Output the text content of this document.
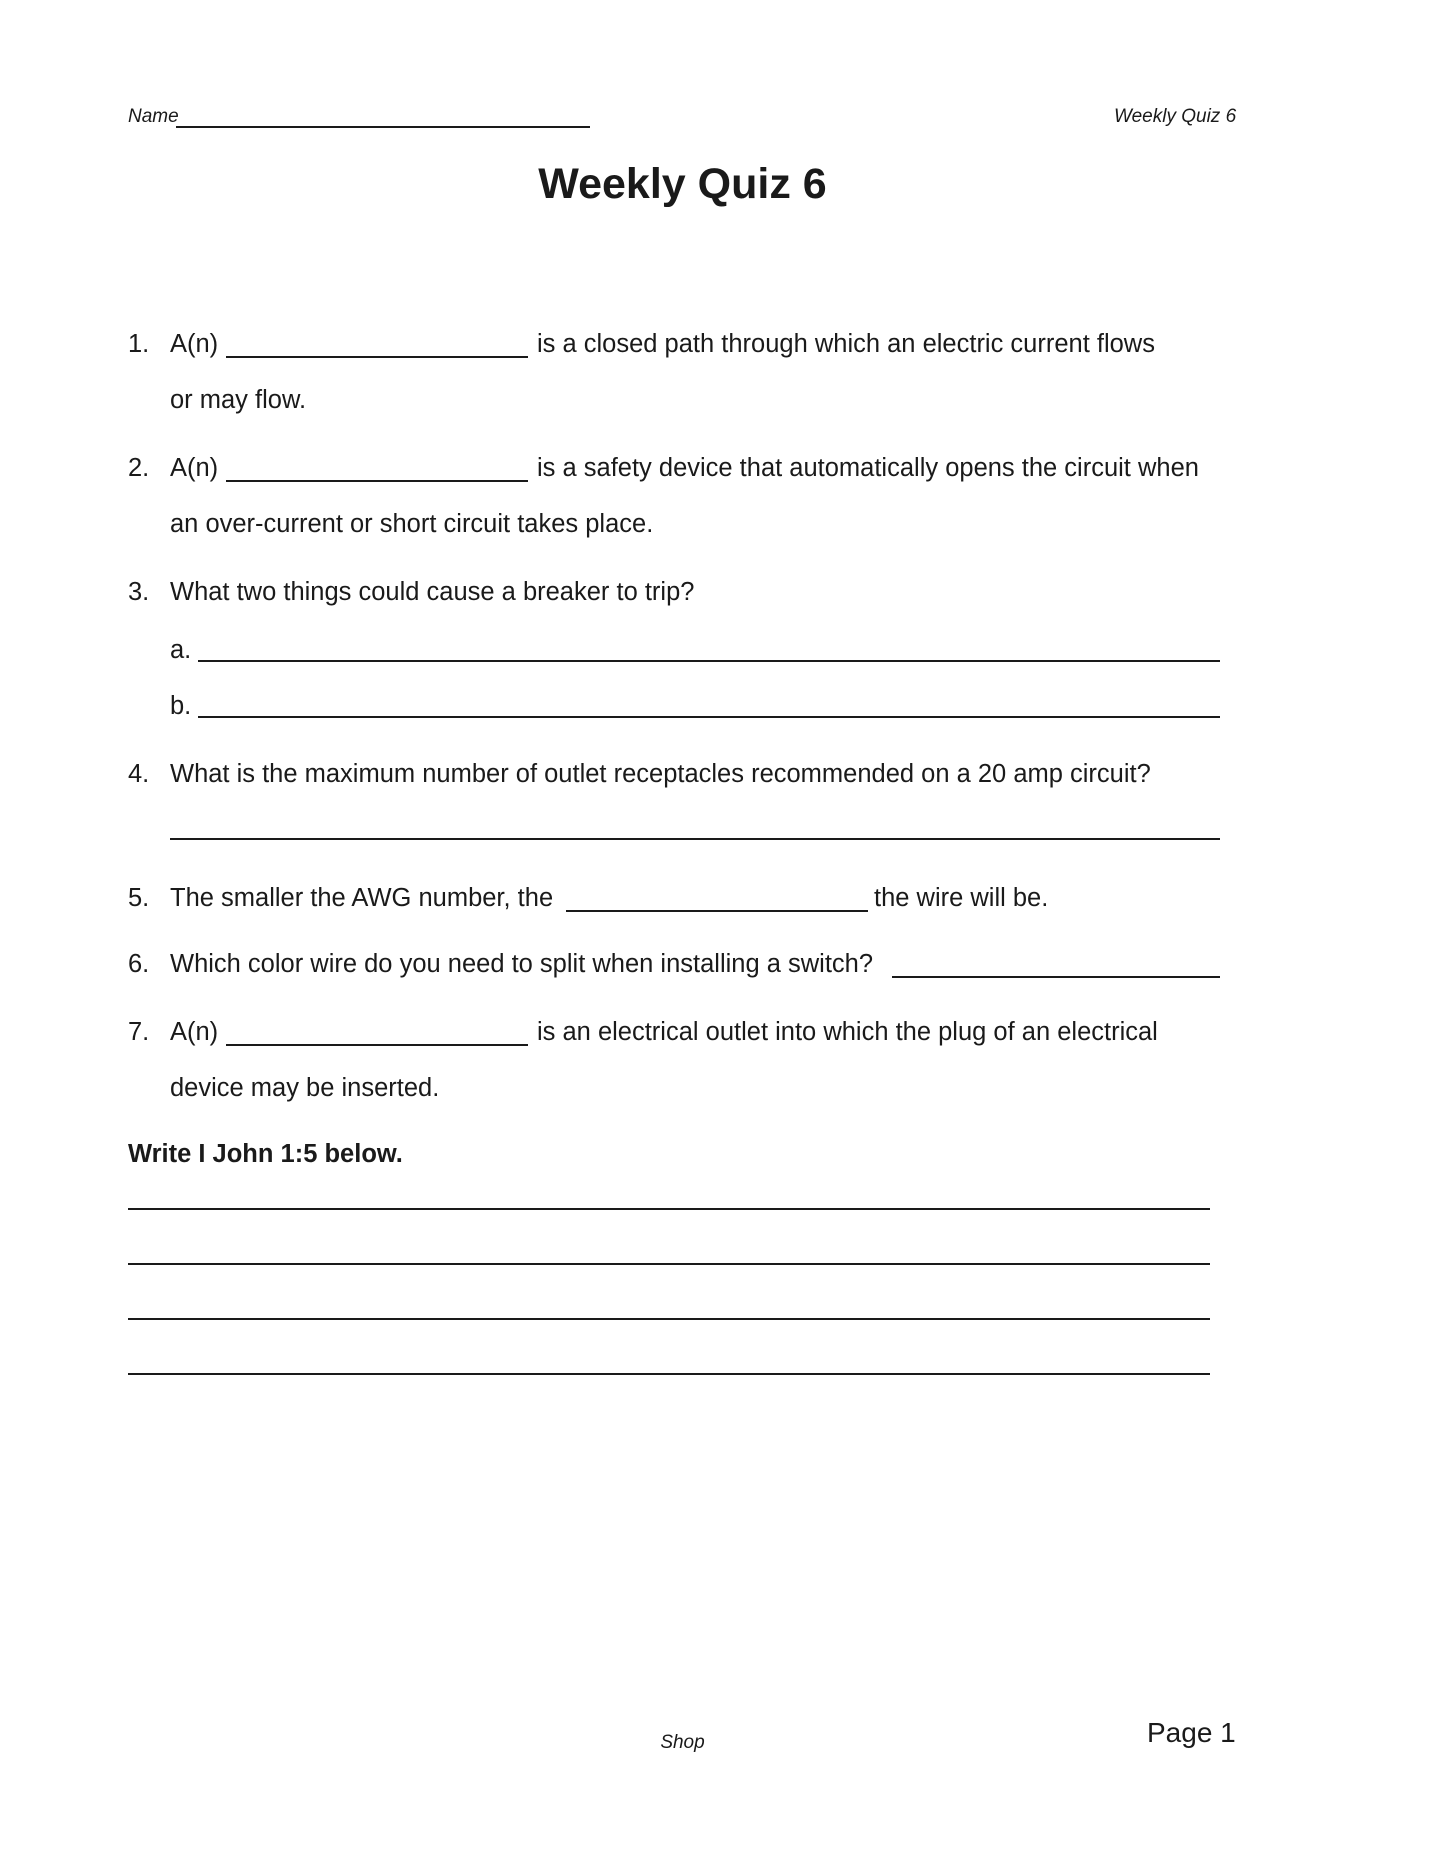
Name	Weekly Quiz 6
Weekly Quiz 6
1. A(n)	is a closed path through which an electric current flows
or may flow.
2. A(n)	is a safety device that automatically opens the circuit when
an over-current or short circuit takes place.
3. What two things could cause a breaker to trip?
a.
b.
4. What is the maximum number of outlet receptacles recommended on a 20 amp circuit?
5. The smaller the AWG number, the	the wire will be.
6. Which color wire do you need to split when installing a switch?
7. A(n)	is an electrical outlet into which the plug of an electrical
device may be inserted.
Write I John 1:5 below.
Shop	Page 1
